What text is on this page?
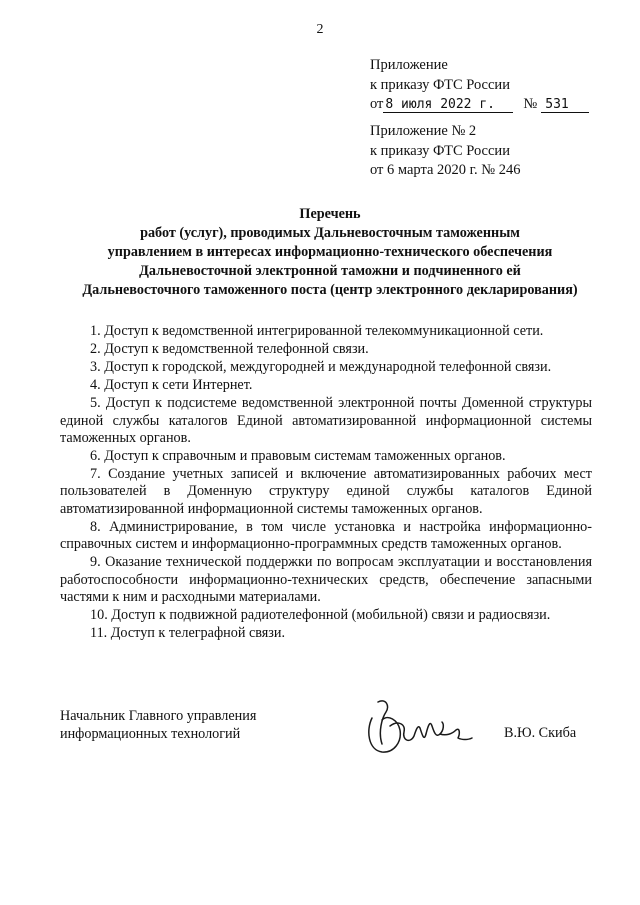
2
Приложение
к приказу ФТС России
от 8 июля 2022 г. № 531
Приложение № 2
к приказу ФТС России
от 6 марта 2020 г. № 246
Перечень
работ (услуг), проводимых Дальневосточным таможенным
управлением в интересах информационно-технического обеспечения
Дальневосточной электронной таможни и подчиненного ей
Дальневосточного таможенного поста (центр электронного декларирования)

1. Доступ к ведомственной интегрированной телекоммуникационной сети.

2. Доступ к ведомственной телефонной связи.

3. Доступ к городской, междугородней и международной телефонной связи.

4. Доступ к сети Интернет.

5. Доступ к подсистеме ведомственной электронной почты Доменной структуры единой службы каталогов Единой автоматизированной информационной системы таможенных органов.

6. Доступ к справочным и правовым системам таможенных органов.

7. Создание учетных записей и включение автоматизированных рабочих мест пользователей в Доменную структуру единой службы каталогов Единой автоматизированной информационной системы таможенных органов.

8. Администрирование, в том числе установка и настройка информационно-справочных систем и информационно-программных средств таможенных органов.

9. Оказание технической поддержки по вопросам эксплуатации и восстановления работоспособности информационно-технических средств, обеспечение запасными частями к ним и расходными материалами.

10. Доступ к подвижной радиотелефонной (мобильной) связи и радиосвязи.

11. Доступ к телеграфной связи.

Начальник Главного управления
информационных технологий	В.Ю. Скиба
